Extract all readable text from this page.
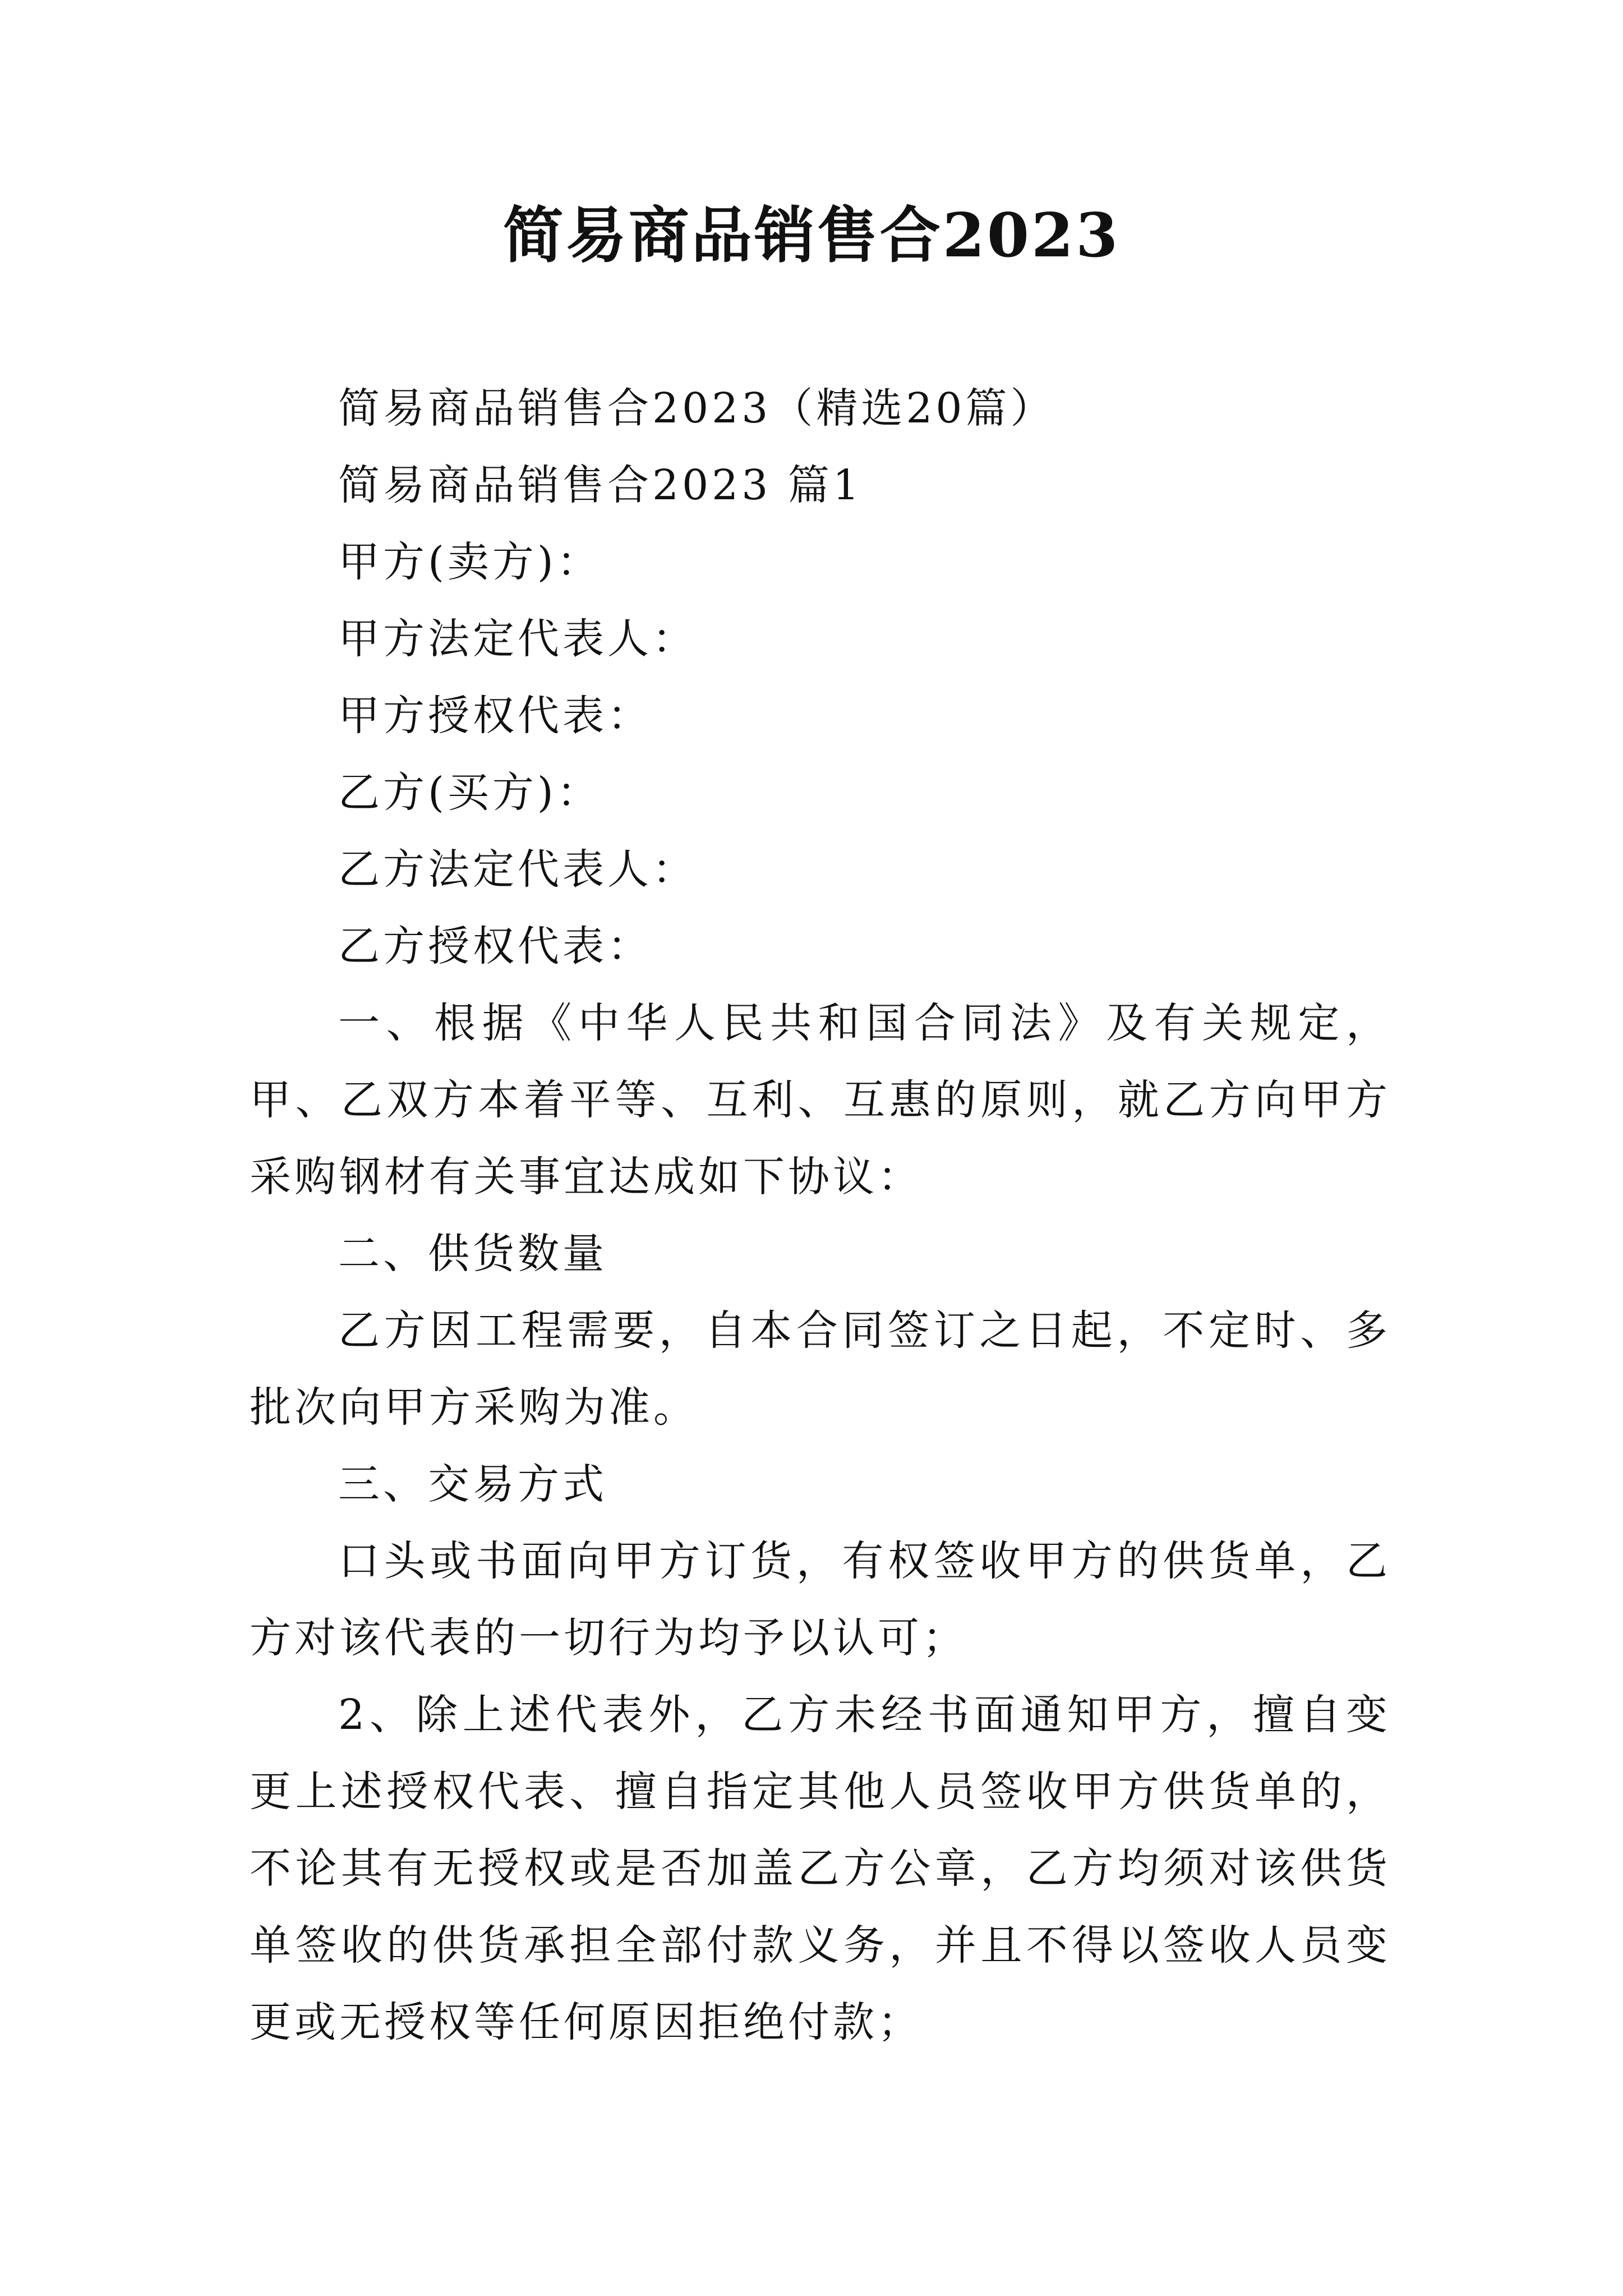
简易商品销售合2023

简易商品销售合2023（精选20篇）

简易商品销售合2023 篇1

甲方(卖方)：

甲方法定代表人：

甲方授权代表：

乙方(买方)：

乙方法定代表人：

乙方授权代表：

一、根据《中华人民共和国合同法》及有关规定，甲、乙双方本着平等、互利、互惠的原则，就乙方向甲方采购钢材有关事宜达成如下协议：

二、供货数量

乙方因工程需要，自本合同签订之日起，不定时、多批次向甲方采购为准。

三、交易方式

口头或书面向甲方订货，有权签收甲方的供货单，乙方对该代表的一切行为均予以认可；

2、除上述代表外，乙方未经书面通知甲方，擅自变更上述授权代表、擅自指定其他人员签收甲方供货单的，不论其有无授权或是否加盖乙方公章，乙方均须对该供货单签收的供货承担全部付款义务，并且不得以签收人员变更或无授权等任何原因拒绝付款；
